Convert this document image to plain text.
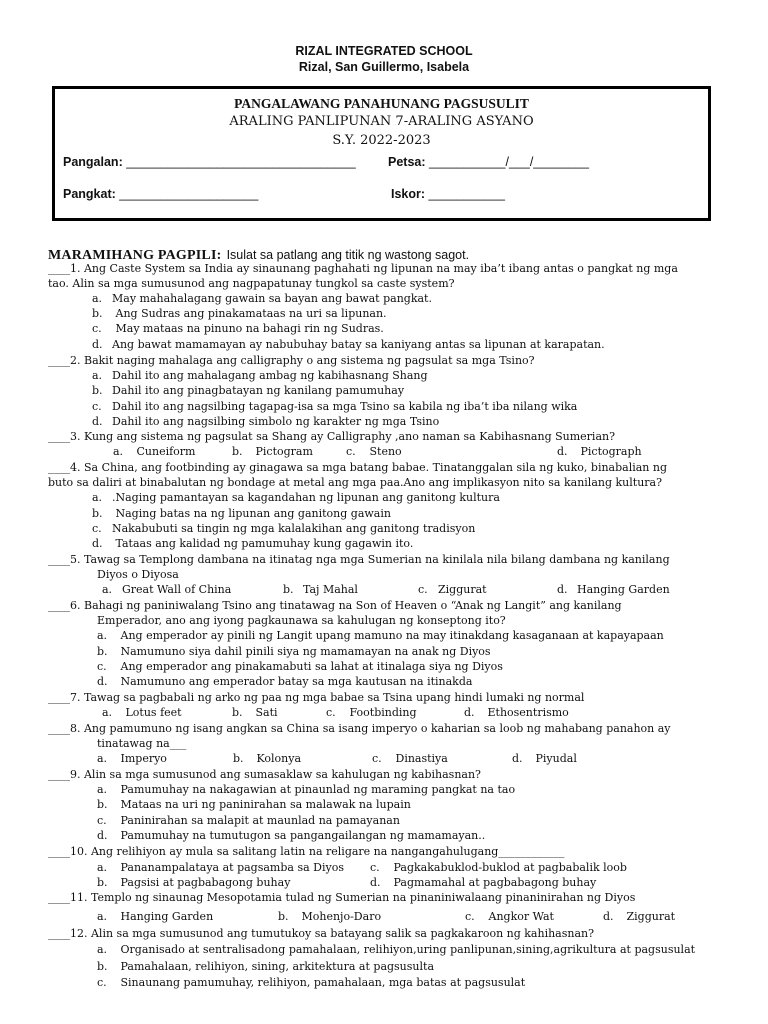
RIZAL INTEGRATED SCHOOL
Rizal, San Guillermo, Isabela
PANGALAWANG PANAHUNANG PAGSUSULIT
ARALING PANLIPUNAN 7-ARALING ASYANO
S.Y. 2022-2023
Pangalan: _________________________________	Petsa: ___________/___/________
Pangkat: ____________________	Iskor: ___________
MARAMIHANG PAGPILI: Isulat sa patlang ang titik ng wastong sagot.
____1. Ang Caste System sa India ay sinaunang paghahati ng lipunan na may iba’t ibang antas o pangkat ng mga
tao. Alin sa mga sumusunod ang nagpapatunay tungkol sa caste system?
____2. Bakit naging mahalaga ang calligraphy o ang sistema ng pagsulat sa mga Tsino?
____3. Kung ang sistema ng pagsulat sa Shang ay Calligraphy ,ano naman sa Kabihasnang Sumerian?
____4. Sa China, ang footbinding ay ginagawa sa mga batang babae. Tinatanggalan sila ng kuko, binabalian ng
buto sa daliri at binabalutan ng bondage at metal ang mga paa.Ano ang implikasyon nito sa kanilang kultura?
____5. Tawag sa Templong dambana na itinatag nga mga Sumerian na kinilala nila bilang dambana ng kanilang
Diyos o Diyosa
____6. Bahagi ng paniniwalang Tsino ang tinatawag na Son of Heaven o “Anak ng Langit” ang kanilang
Emperador, ano ang iyong pagkaunawa sa kahulugan ng konseptong ito?
____7. Tawag sa pagbabali ng arko ng paa ng mga babae sa Tsina upang hindi lumaki ng normal
____8. Ang pamumuno ng isang angkan sa China sa isang imperyo o kaharian sa loob ng mahabang panahon ay
tinatawag na___
____9. Alin sa mga sumusunod ang sumasaklaw sa kahulugan ng kabihasnan?
____10. Ang relihiyon ay mula sa salitang latin na religare na nangangahulugang____________
____11. Templo ng sinaunag Mesopotamia tulad ng Sumerian na pinaniniwalaang pinaninirahan ng Diyos
____12. Alin sa mga sumusunod ang tumutukoy sa batayang salik sa pagkakaroon ng kahihasnan?
a. May mahahalagang gawain sa bayan ang bawat pangkat.
b. Ang Sudras ang pinakamataas na uri sa lipunan.
c. May mataas na pinuno na bahagi rin ng Sudras.
d. Ang bawat mamamayan ay nabubuhay batay sa kaniyang antas sa lipunan at karapatan.
a. Dahil ito ang mahalagang ambag ng kabihasnang Shang
b. Dahil ito ang pinagbatayan ng kanilang pamumuhay
c. Dahil ito ang nagsilbing tagapag-isa sa mga Tsino sa kabila ng iba’t iba nilang wika
d. Dahil ito ang nagsilbing simbolo ng karakter ng mga Tsino
a. Cuneiform	b. Pictogram	c. Steno	d. Pictograph
a. .Naging pamantayan sa kagandahan ng lipunan ang ganitong kultura
b. Naging batas na ng lipunan ang ganitong gawain
c. Nakabubuti sa tingin ng mga kalalakihan ang ganitong tradisyon
d. Tataas ang kalidad ng pamumuhay kung gagawin ito.
a. Great Wall of China	b. Taj Mahal	c. Ziggurat	d. Hanging Garden
a. Ang emperador ay pinili ng Langit upang mamuno na may itinakdang kasaganaan at kapayapaan
b. Namumuno siya dahil pinili siya ng mamamayan na anak ng Diyos
c. Ang emperador ang pinakamabuti sa lahat at itinalaga siya ng Diyos
d. Namumuno ang emperador batay sa mga kautusan na itinakda
a. Lotus feet	b. Sati	c. Footbinding	d. Ethosentrismo
a. Imperyo	b. Kolonya	c. Dinastiya	d. Piyudal
a. Pamumuhay na nakagawian at pinaunlad ng maraming pangkat na tao
b. Mataas na uri ng paninirahan sa malawak na lupain
c. Paninirahan sa malapit at maunlad na pamayanan
d. Pamumuhay na tumutugon sa pangangailangan ng mamamayan..
a. Pananampalataya at pagsamba sa Diyos c. Pagkakabuklod-buklod at pagbabalik loob
b. Pagsisi at pagbabagong buhay	d. Pagmamahal at pagbabagong buhay
a. Hanging Garden	b. Mohenjo-Daro	c. Angkor Wat	d. Ziggurat
a. Organisado at sentralisadong pamahalaan, relihiyon,uring panlipunan,sining,agrikultura at pagsusulat
b. Pamahalaan, relihiyon, sining, arkitektura at pagsusulta
c. Sinaunang pamumuhay, relihiyon, pamahalaan, mga batas at pagsusulat
